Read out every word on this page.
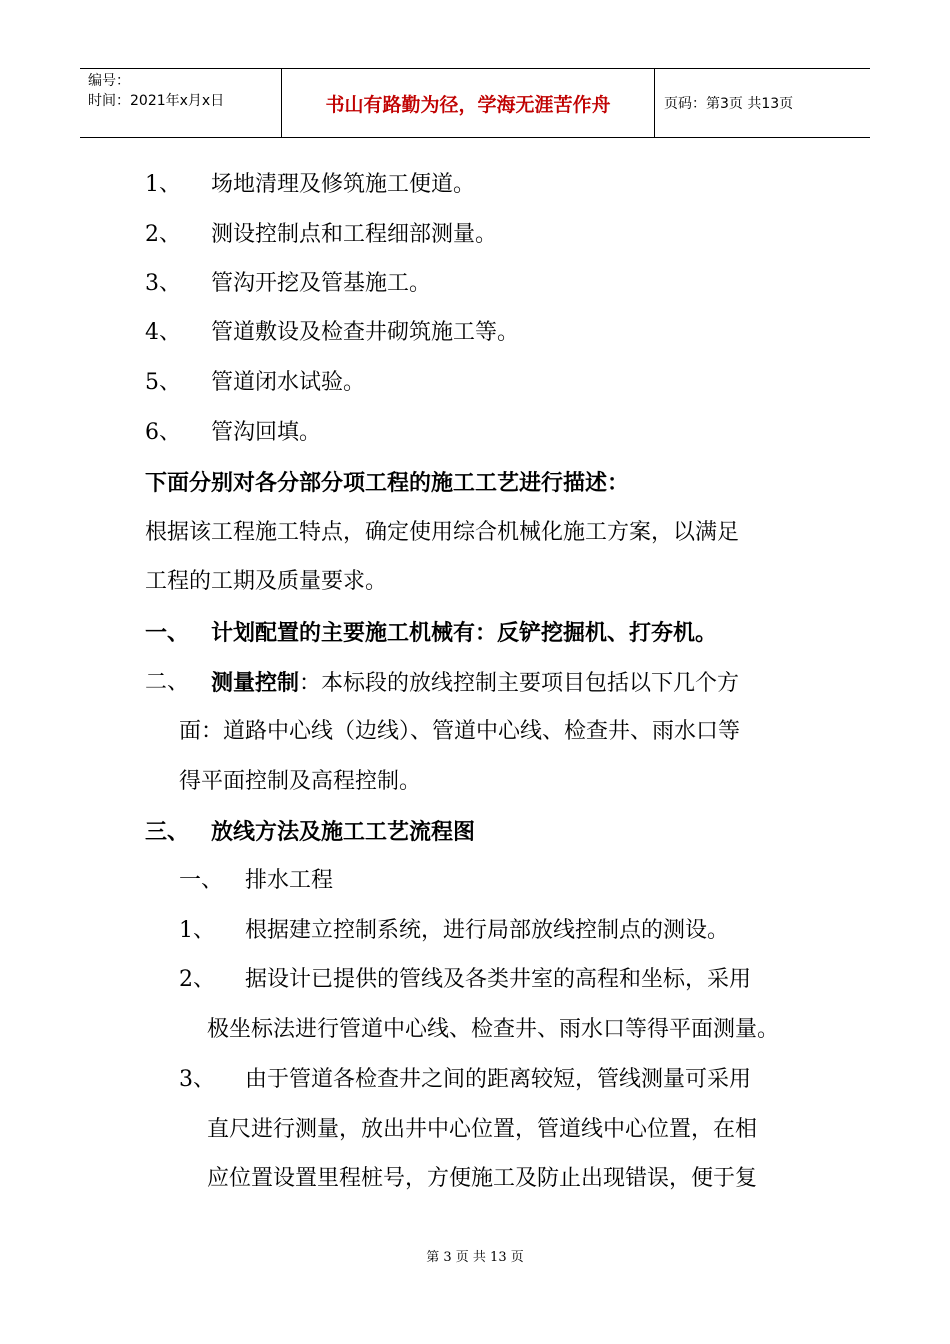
编号：
时间：2021年x月x日	书山有路勤为径，学海无涯苦作舟	页码：第3页 共13页
1、 场地清理及修筑施工便道。
2、 测设控制点和工程细部测量。
3、 管沟开挖及管基施工。
4、 管道敷设及检查井砌筑施工等。
5、 管道闭水试验。
6、 管沟回填。
下面分别对各分部分项工程的施工工艺进行描述：
根据该工程施工特点，确定使用综合机械化施工方案，以满足
工程的工期及质量要求。
一、 计划配置的主要施工机械有：反铲挖掘机、打夯机。
二、 测量控制：本标段的放线控制主要项目包括以下几个方
面：道路中心线（边线）、管道中心线、检查井、雨水口等
得平面控制及高程控制。
三、 放线方法及施工工艺流程图
一、 排水工程
1、 根据建立控制系统，进行局部放线控制点的测设。
2、 据设计已提供的管线及各类井室的高程和坐标，采用
极坐标法进行管道中心线、检查井、雨水口等得平面测量。
3、 由于管道各检查井之间的距离较短，管线测量可采用
直尺进行测量，放出井中心位置，管道线中心位置，在相
应位置设置里程桩号，方便施工及防止出现错误，便于复
第 3 页 共 13 页
